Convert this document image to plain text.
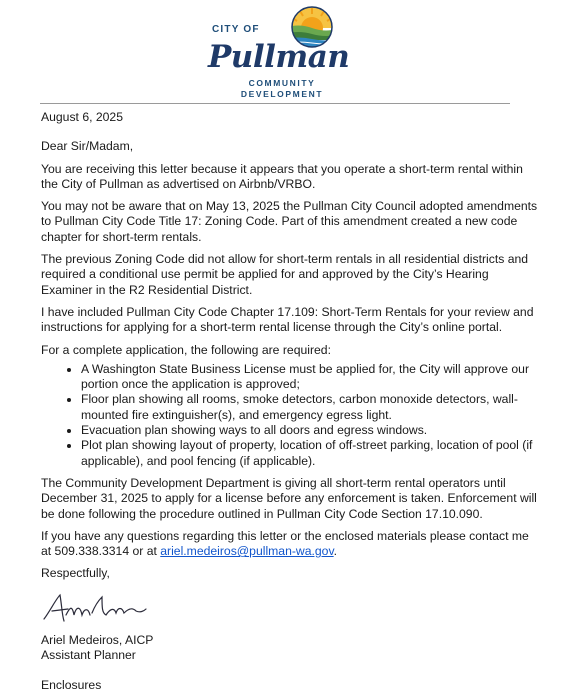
CITY OF
Pullman
COMMUNITY
DEVELOPMENT

August 6, 2025

Dear Sir/Madam,

You are receiving this letter because it appears that you operate a short-term rental within the City of Pullman as advertised on Airbnb/VRBO.

You may not be aware that on May 13, 2025 the Pullman City Council adopted amendments to Pullman City Code Title 17: Zoning Code. Part of this amendment created a new code chapter for short-term rentals.

The previous Zoning Code did not allow for short-term rentals in all residential districts and required a conditional use permit be applied for and approved by the City’s Hearing Examiner in the R2 Residential District.

I have included Pullman City Code Chapter 17.109: Short-Term Rentals for your review and instructions for applying for a short-term rental license through the City’s online portal.

For a complete application, the following are required:

• A Washington State Business License must be applied for, the City will approve our portion once the application is approved;
• Floor plan showing all rooms, smoke detectors, carbon monoxide detectors, wall-mounted fire extinguisher(s), and emergency egress light.
• Evacuation plan showing ways to all doors and egress windows.
• Plot plan showing layout of property, location of off-street parking, location of pool (if applicable), and pool fencing (if applicable).

The Community Development Department is giving all short-term rental operators until December 31, 2025 to apply for a license before any enforcement is taken. Enforcement will be done following the procedure outlined in Pullman City Code Section 17.10.090.

If you have any questions regarding this letter or the enclosed materials please contact me at 509.338.3314 or at ariel.medeiros@pullman-wa.gov.

Respectfully,

Ariel Medeiros, AICP
Assistant Planner
Enclosures
